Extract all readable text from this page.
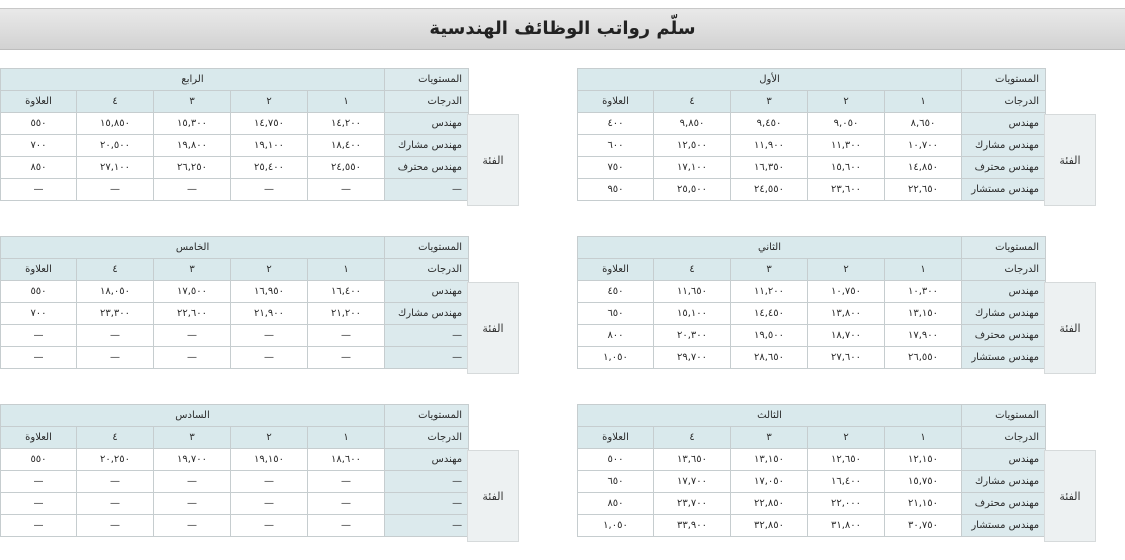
سلّم رواتب الوظائف الهندسية
الأول					المستويات
العلاوة	٤	٣	٢	١	الدرجات
٤٠٠	٩,٨٥٠	٩,٤٥٠	٩,٠٥٠	٨,٦٥٠	مهندس
٦٠٠	١٢,٥٠٠	١١,٩٠٠	١١,٣٠٠	١٠,٧٠٠	مهندس مشارك
٧٥٠	١٧,١٠٠	١٦,٣٥٠	١٥,٦٠٠	١٤,٨٥٠	مهندس محترف
٩٥٠	٢٥,٥٠٠	٢٤,٥٥٠	٢٣,٦٠٠	٢٢,٦٥٠	مهندس مستشار
الفئة
الرابع					المستويات
العلاوة	٤	٣	٢	١	الدرجات
٥٥٠	١٥,٨٥٠	١٥,٣٠٠	١٤,٧٥٠	١٤,٢٠٠	مهندس
٧٠٠	٢٠,٥٠٠	١٩,٨٠٠	١٩,١٠٠	١٨,٤٠٠	مهندس مشارك
٨٥٠	٢٧,١٠٠	٢٦,٢٥٠	٢٥,٤٠٠	٢٤,٥٥٠	مهندس محترف
—	—	—	—	—	—
الفئة
الثاني					المستويات
العلاوة	٤	٣	٢	١	الدرجات
٤٥٠	١١,٦٥٠	١١,٢٠٠	١٠,٧٥٠	١٠,٣٠٠	مهندس
٦٥٠	١٥,١٠٠	١٤,٤٥٠	١٣,٨٠٠	١٣,١٥٠	مهندس مشارك
٨٠٠	٢٠,٣٠٠	١٩,٥٠٠	١٨,٧٠٠	١٧,٩٠٠	مهندس محترف
١,٠٥٠	٢٩,٧٠٠	٢٨,٦٥٠	٢٧,٦٠٠	٢٦,٥٥٠	مهندس مستشار
الفئة
الخامس					المستويات
العلاوة	٤	٣	٢	١	الدرجات
٥٥٠	١٨,٠٥٠	١٧,٥٠٠	١٦,٩٥٠	١٦,٤٠٠	مهندس
٧٠٠	٢٣,٣٠٠	٢٢,٦٠٠	٢١,٩٠٠	٢١,٢٠٠	مهندس مشارك
—	—	—	—	—	—
—	—	—	—	—	—
الفئة
الثالث					المستويات
العلاوة	٤	٣	٢	١	الدرجات
٥٠٠	١٣,٦٥٠	١٣,١٥٠	١٢,٦٥٠	١٢,١٥٠	مهندس
٦٥٠	١٧,٧٠٠	١٧,٠٥٠	١٦,٤٠٠	١٥,٧٥٠	مهندس مشارك
٨٥٠	٢٣,٧٠٠	٢٢,٨٥٠	٢٢,٠٠٠	٢١,١٥٠	مهندس محترف
١,٠٥٠	٣٣,٩٠٠	٣٢,٨٥٠	٣١,٨٠٠	٣٠,٧٥٠	مهندس مستشار
الفئة
السادس					المستويات
العلاوة	٤	٣	٢	١	الدرجات
٥٥٠	٢٠,٢٥٠	١٩,٧٠٠	١٩,١٥٠	١٨,٦٠٠	مهندس
—	—	—	—	—	—
—	—	—	—	—	—
—	—	—	—	—	—
الفئة
